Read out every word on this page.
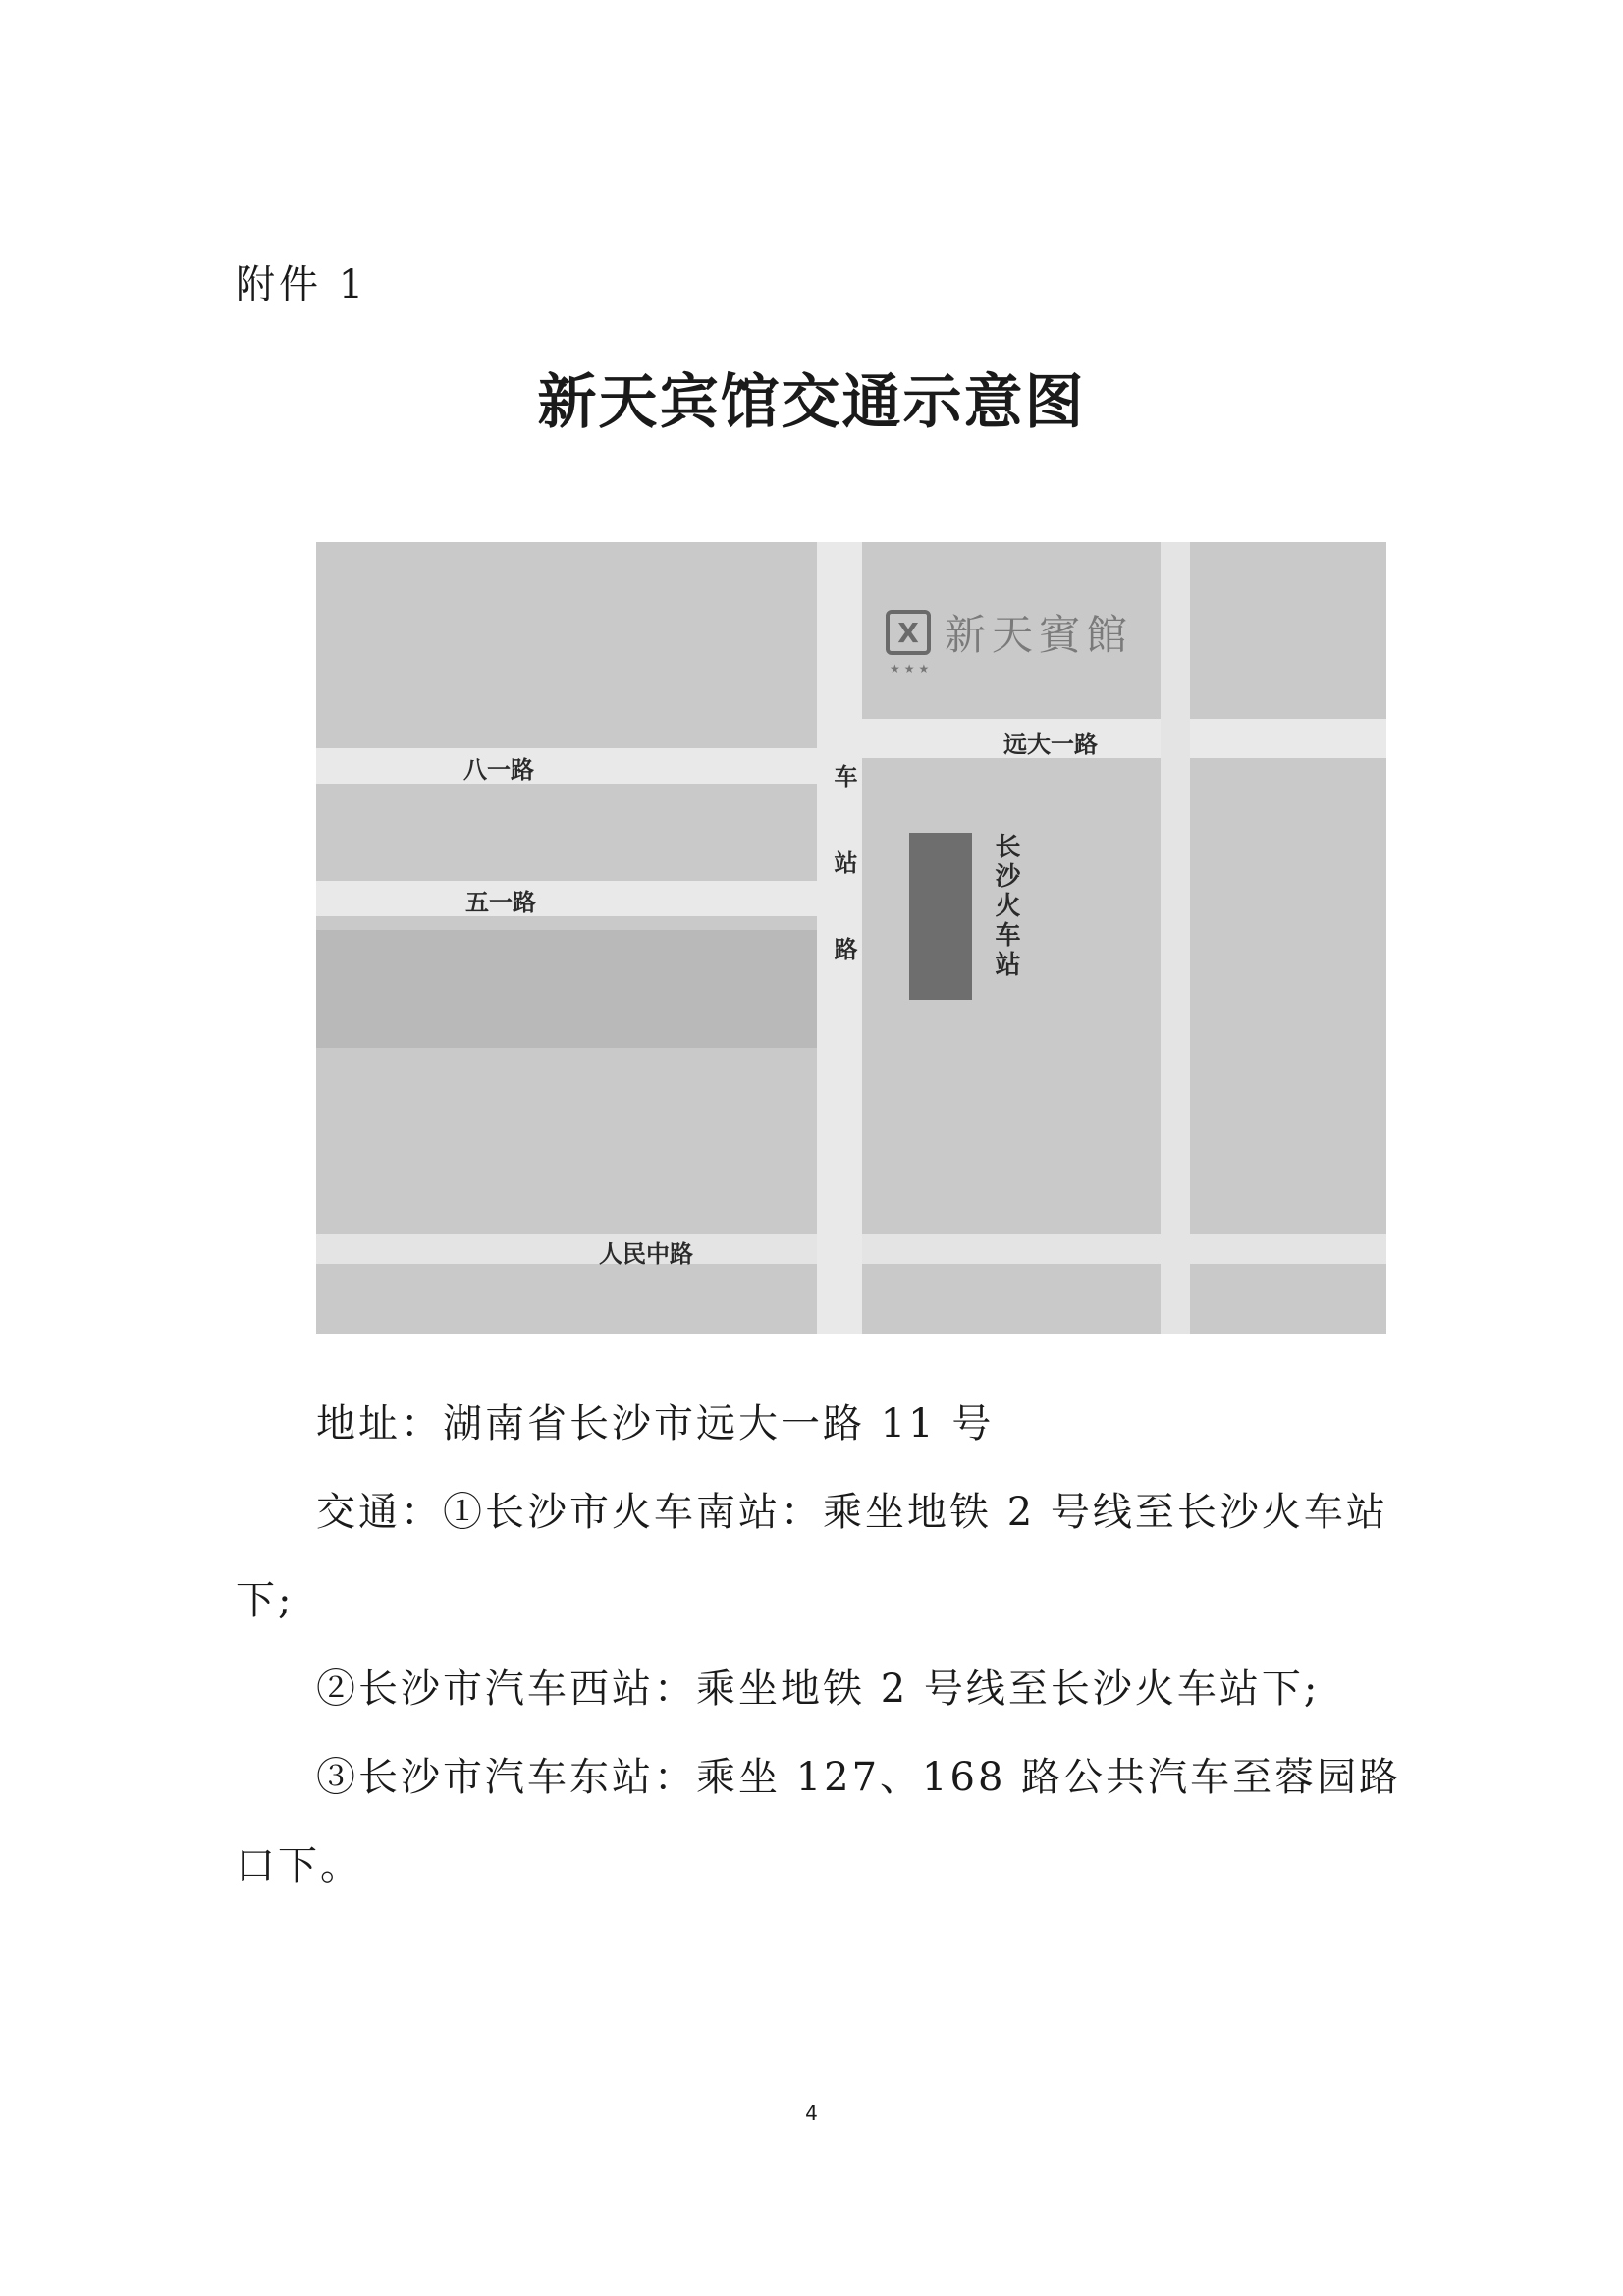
附件 1
新天宾馆交通示意图
X 新天賓館
★★★
八一路
五一路
远大一路
人民中路
车站路	长沙火车站
地址：湖南省长沙市远大一路 11 号
交通：①长沙市火车南站：乘坐地铁 2 号线至长沙火车站
下;
②长沙市汽车西站：乘坐地铁 2 号线至长沙火车站下;
③长沙市汽车东站：乘坐 127、168 路公共汽车至蓉园路
口下。
4
